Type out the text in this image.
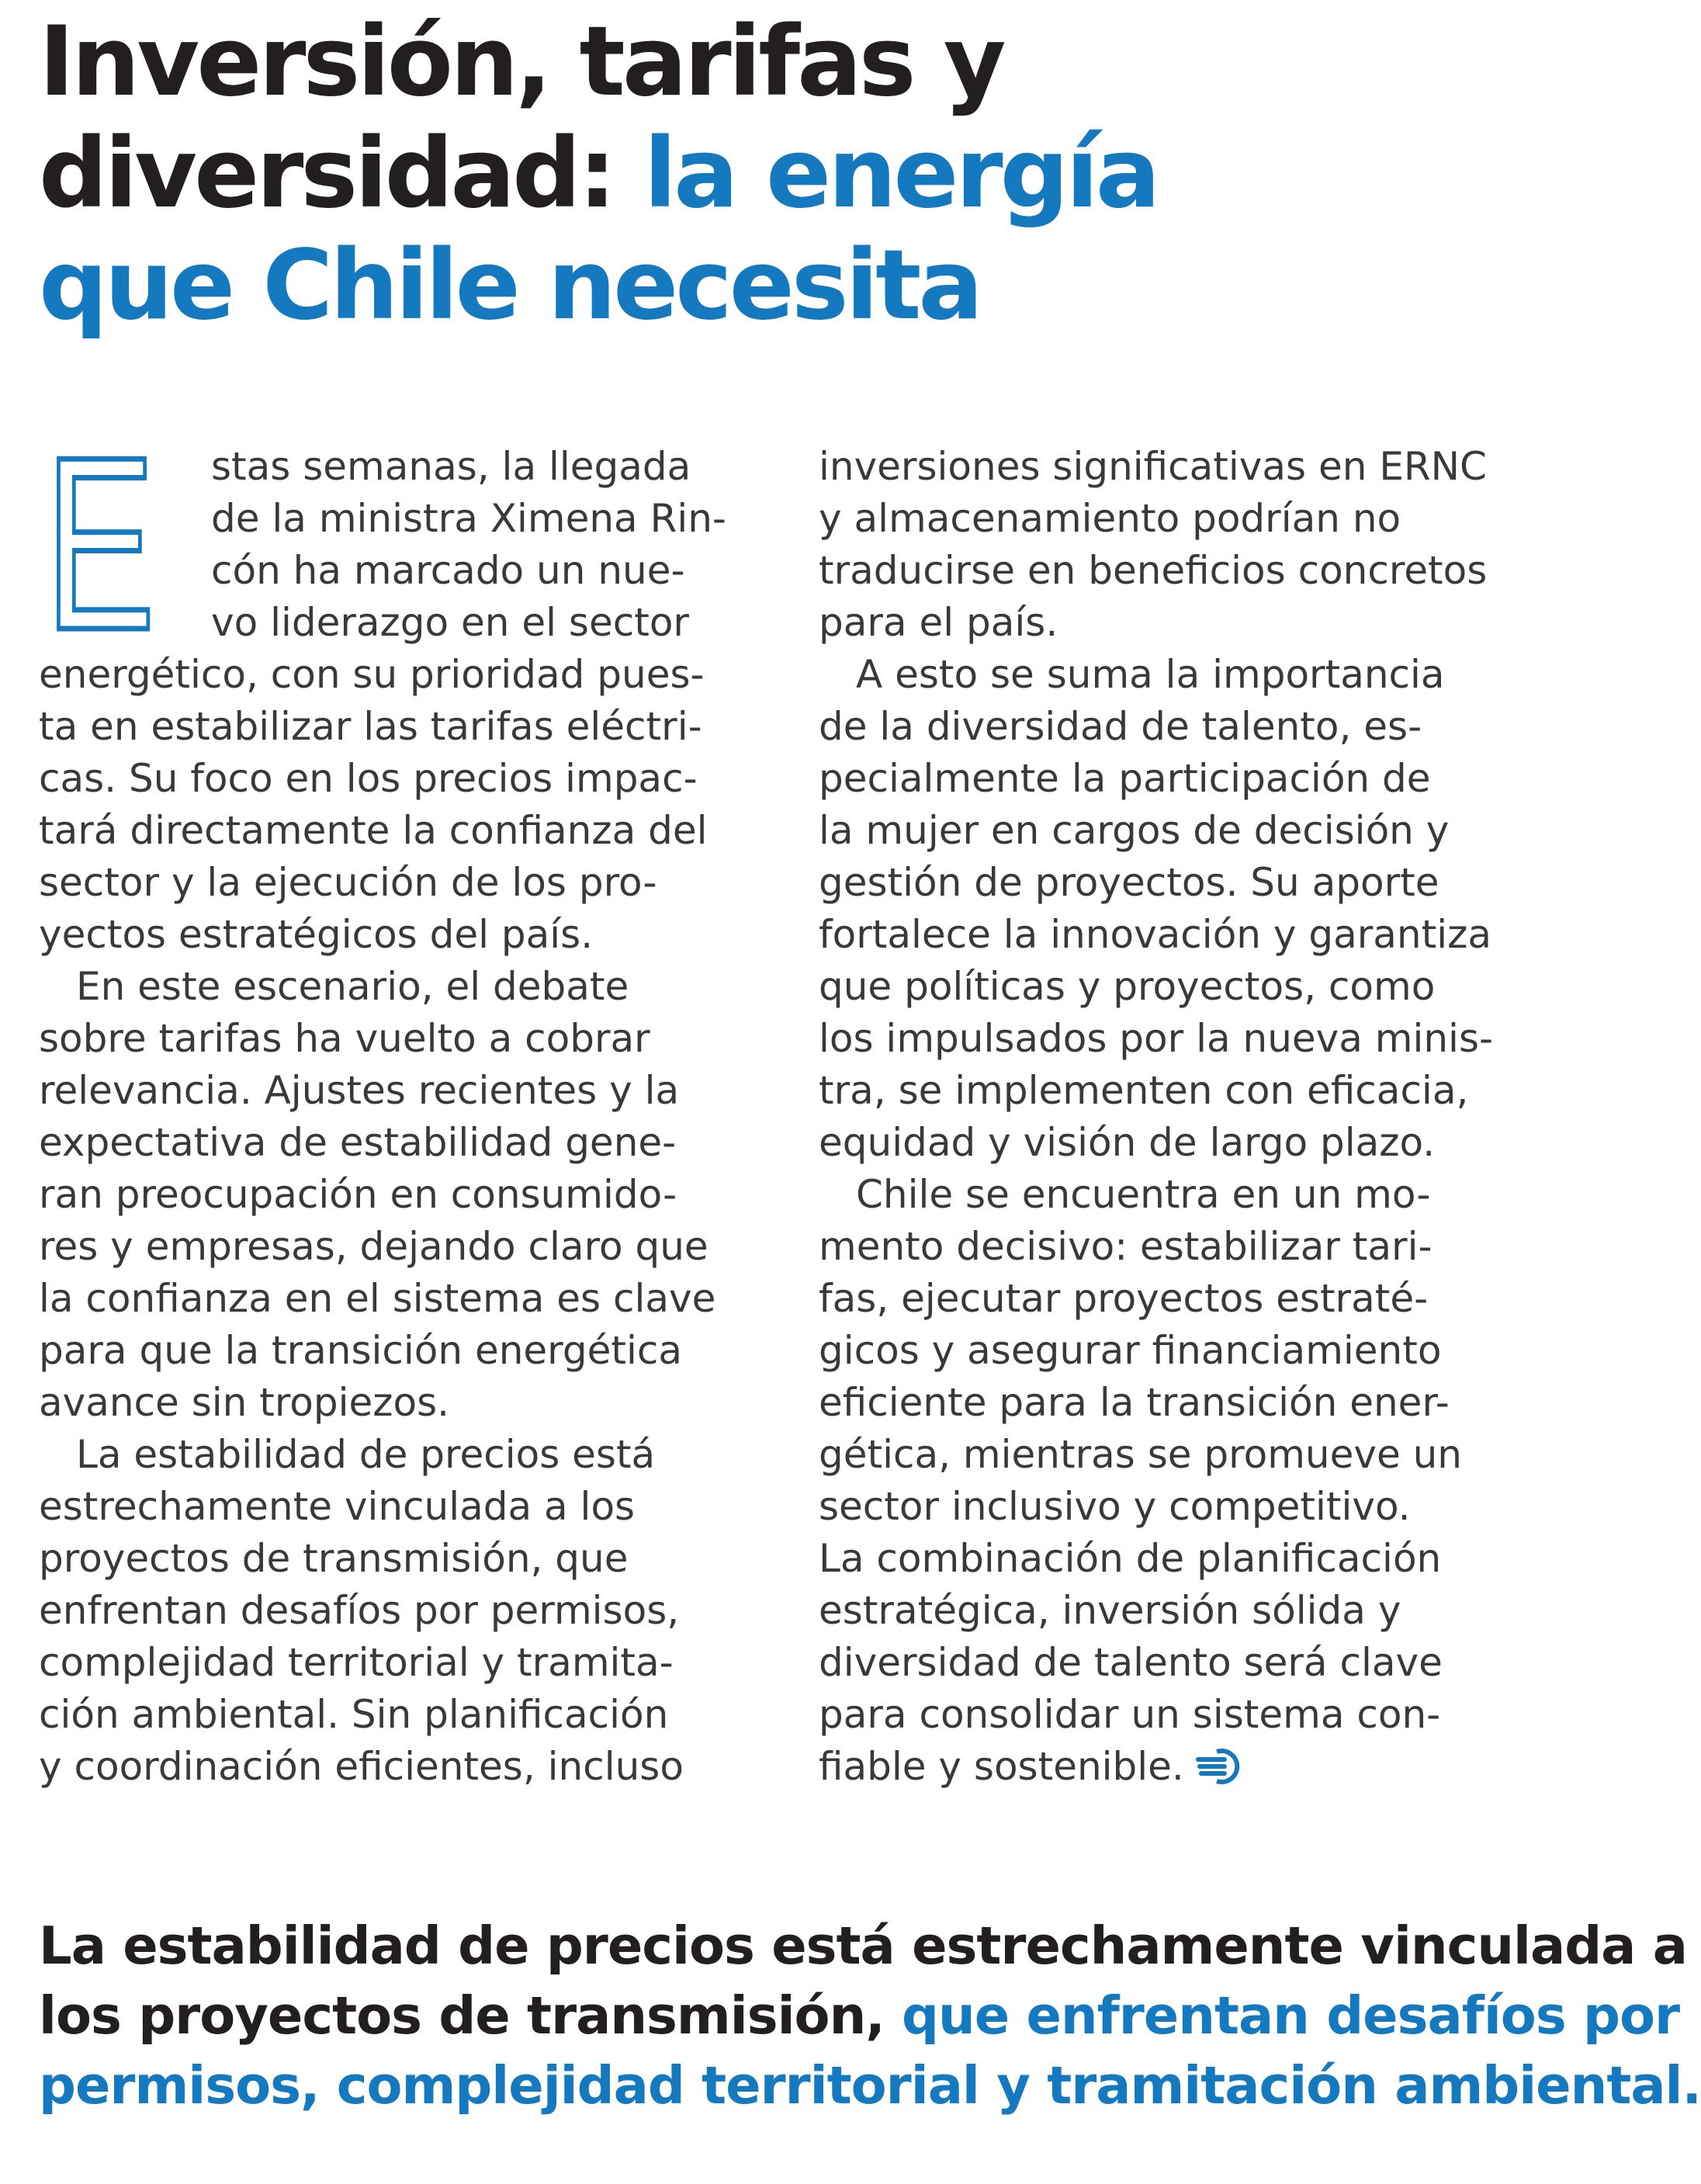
Inversión, tarifas y
diversidad: la energía
que Chile necesita
E	stas semanas, la llegada
de la ministra Ximena Rin-
cón ha marcado un nue-
vo liderazgo en el sector
energético, con su prioridad pues-
ta en estabilizar las tarifas eléctri-
cas. Su foco en los precios impac-
tará directamente la confianza del
sector y la ejecución de los pro-
yectos estratégicos del país.
En este escenario, el debate
sobre tarifas ha vuelto a cobrar
relevancia. Ajustes recientes y la
expectativa de estabilidad gene-
ran preocupación en consumido-
res y empresas, dejando claro que
la confianza en el sistema es clave
para que la transición energética
avance sin tropiezos.
La estabilidad de precios está
estrechamente vinculada a los
proyectos de transmisión, que
enfrentan desafíos por permisos,
complejidad territorial y tramita-
ción ambiental. Sin planificación
y coordinación eficientes, incluso
inversiones significativas en ERNC
y almacenamiento podrían no
traducirse en beneficios concretos
para el país.
A esto se suma la importancia
de la diversidad de talento, es-
pecialmente la participación de
la mujer en cargos de decisión y
gestión de proyectos. Su aporte
fortalece la innovación y garantiza
que políticas y proyectos, como
los impulsados por la nueva minis-
tra, se implementen con eficacia,
equidad y visión de largo plazo.
Chile se encuentra en un mo-
mento decisivo: estabilizar tari-
fas, ejecutar proyectos estraté-
gicos y asegurar financiamiento
eficiente para la transición ener-
gética, mientras se promueve un
sector inclusivo y competitivo.
La combinación de planificación
estratégica, inversión sólida y
diversidad de talento será clave
para consolidar un sistema con-
fiable y sostenible.

La estabilidad de precios está estrechamente vinculada a
los proyectos de transmisión, que enfrentan desafíos por
permisos, complejidad territorial y tramitación ambiental.
